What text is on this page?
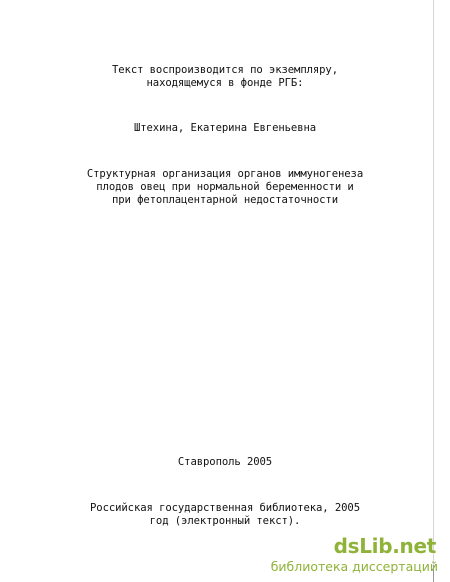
Текст воспроизводится по экземпляру,
находящемуся в фонде РГБ:
Штехина, Екатерина Евгеньевна
Структурная организация органов иммуногенеза
плодов овец при нормальной беременности и
при фетоплацентарной недостаточности
Ставрополь 2005
Российская государственная библиотека, 2005
год (электронный текст).
dsLib.net
библиотека диссертаций
